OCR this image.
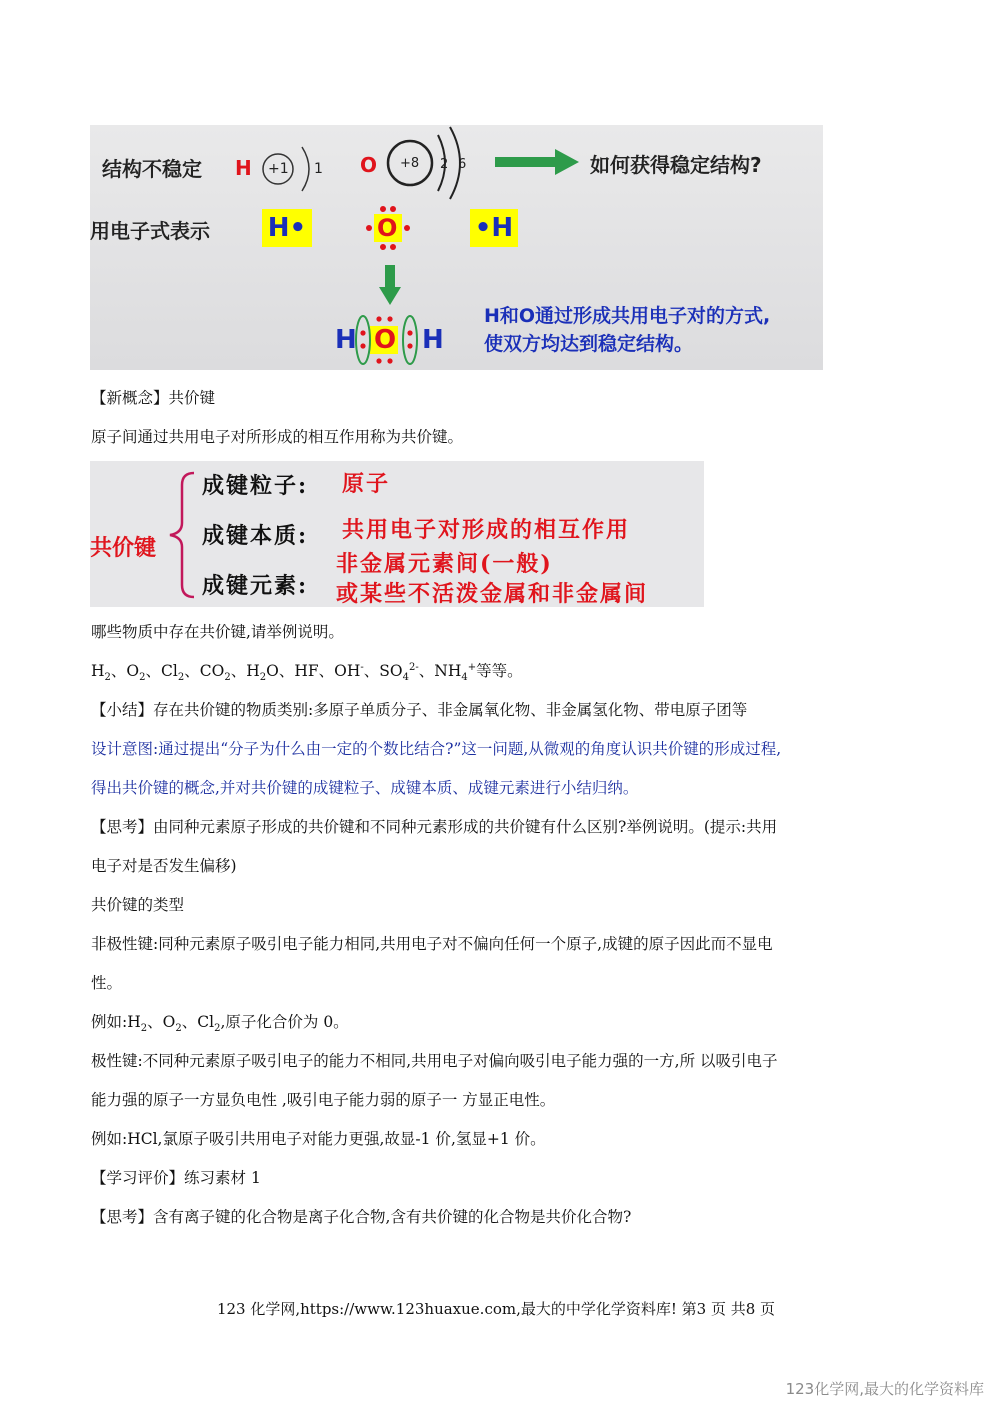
结构不稳定 H +1 1 O +8 2 6	如何获得稳定结构?
用电子式表示 H•	•H
O
H O H
H和O通过形成共用电子对的方式,
使双方均达到稳定结构。
【新概念】共价键
原子间通过共用电子对所形成的相互作用称为共价键。
共价键
成键粒子: 原子
成键本质: 共用电子对形成的相互作用
成键元素:
非金属元素间(一般)
或某些不活泼金属和非金属间
哪些物质中存在共价键,请举例说明。
$H_2$、$O_2$、$Cl_2$、$CO_2$、$H_2O$、HF、OH-、$SO_4^{2-}$、$NH_4^+$等等。
【小结】存在共价键的物质类别:多原子单质分子、非金属氧化物、非金属氢化物、带电原子团等
设计意图:通过提出“分子为什么由一定的个数比结合?”这一问题,从微观的角度认识共价键的形成过程,
得出共价键的概念,并对共价键的成键粒子、成键本质、成键元素进行小结归纳。
【思考】由同种元素原子形成的共价键和不同种元素形成的共价键有什么区别?举例说明。(提示:共用
电子对是否发生偏移)
共价键的类型
非极性键:同种元素原子吸引电子能力相同,共用电子对不偏向任何一个原子,成键的原子因此而不显电
性。
例如$:H_2$、$O_2$、$Cl_2$,原子化合价为 0。
极性键:不同种元素原子吸引电子的能力不相同,共用电子对偏向吸引电子能力强的一方,所 以吸引电子
能力强的原子一方显负电性 ,吸引电子能力弱的原子一 方显正电性。
例如:HCl,氯原子吸引共用电子对能力更强,故显-1 价,氢显+1 价。
【学习评价】练习素材 1
【思考】含有离子键的化合物是离子化合物,含有共价键的化合物是共价化合物?
123 化学网,https://www.123huaxue.com,最大的中学化学资料库! 第3 页 共8 页
123化学网,最大的化学资料库
